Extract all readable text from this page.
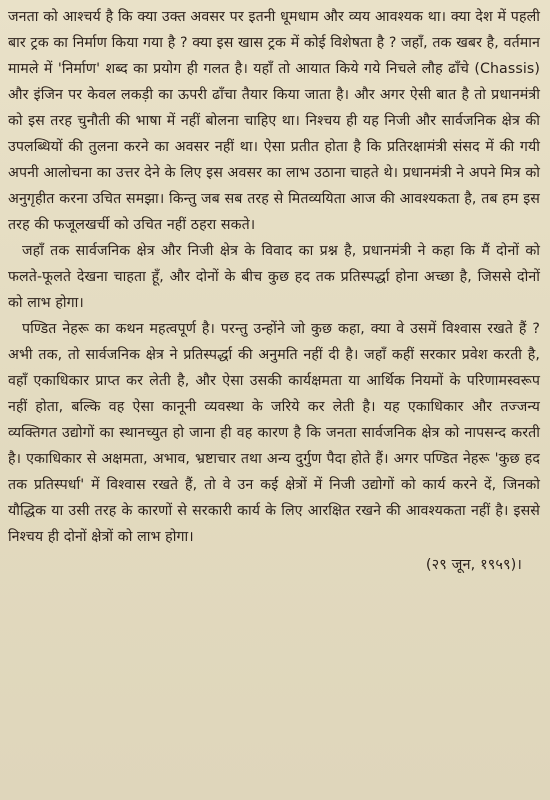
जनता को आश्चर्य है कि क्या उक्त अवसर पर इतनी धूमधाम और व्यय आवश्यक था। क्या देश में पहली बार ट्रक का निर्माण किया गया है ? क्या इस खास ट्रक में कोई विशेषता है ? जहाँ, तक खबर है, वर्तमान मामले में 'निर्माण' शब्द का प्रयोग ही गलत है। यहाँ तो आयात किये गये निचले लौह ढाँचे (Chassis) और इंजिन पर केवल लकड़ी का ऊपरी ढाँचा तैयार किया जाता है। और अगर ऐसी बात है तो प्रधानमंत्री को इस तरह चुनौती की भाषा में नहीं बोलना चाहिए था। निश्चय ही यह निजी और सार्वजनिक क्षेत्र की उपलब्धियों की तुलना करने का अवसर नहीं था। ऐसा प्रतीत होता है कि प्रतिरक्षामंत्री संसद में की गयी अपनी आलोचना का उत्तर देने के लिए इस अवसर का लाभ उठाना चाहते थे। प्रधानमंत्री ने अपने मित्र को अनुगृहीत करना उचित समझा। किन्तु जब सब तरह से मितव्ययिता आज की आवश्यकता है, तब हम इस तरह की फजूलखर्ची को उचित नहीं ठहरा सकते।

जहाँ तक सार्वजनिक क्षेत्र और निजी क्षेत्र के विवाद का प्रश्न है, प्रधानमंत्री ने कहा कि मैं दोनों को फलते-फूलते देखना चाहता हूँ, और दोनों के बीच कुछ हद तक प्रतिस्पर्द्धा होना अच्छा है, जिससे दोनों को लाभ होगा।

पण्डित नेहरू का कथन महत्वपूर्ण है। परन्तु उन्होंने जो कुछ कहा, क्या वे उसमें विश्वास रखते हैं ? अभी तक, तो सार्वजनिक क्षेत्र ने प्रतिस्पर्द्धा की अनुमति नहीं दी है। जहाँ कहीं सरकार प्रवेश करती है, वहाँ एकाधिकार प्राप्त कर लेती है, और ऐसा उसकी कार्यक्षमता या आर्थिक नियमों के परिणामस्वरूप नहीं होता, बल्कि वह ऐसा कानूनी व्यवस्था के जरिये कर लेती है। यह एकाधिकार और तज्जन्य व्यक्तिगत उद्योगों का स्थानच्युत हो जाना ही वह कारण है कि जनता सार्वजनिक क्षेत्र को नापसन्द करती है। एकाधिकार से अक्षमता, अभाव, भ्रष्टाचार तथा अन्य दुर्गुण पैदा होते हैं। अगर पण्डित नेहरू 'कुछ हद तक प्रतिस्पर्धा' में विश्वास रखते हैं, तो वे उन कई क्षेत्रों में निजी उद्योगों को कार्य करने दें, जिनको यौद्धिक या उसी तरह के कारणों से सरकारी कार्य के लिए आरक्षित रखने की आवश्यकता नहीं है। इससे निश्चय ही दोनों क्षेत्रों को लाभ होगा।

(२९ जून, १९५९)।
